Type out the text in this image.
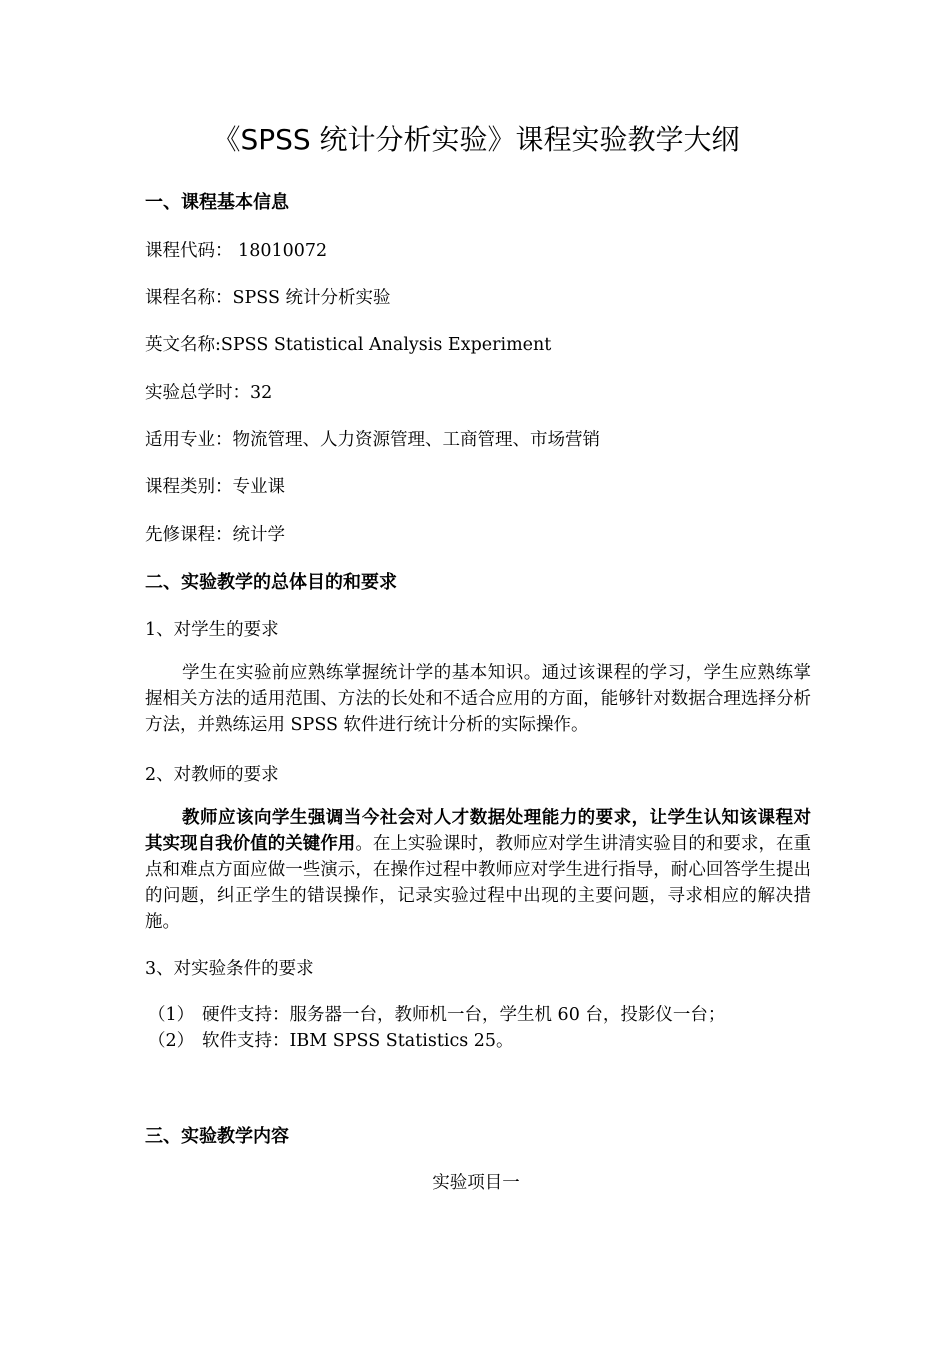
《SPSS 统计分析实验》课程实验教学大纲
一、课程基本信息
课程代码： 18010072
课程名称：SPSS 统计分析实验
英文名称:SPSS Statistical Analysis Experiment
实验总学时：32
适用专业：物流管理、人力资源管理、工商管理、市场营销
课程类别：专业课
先修课程：统计学
二、实验教学的总体目的和要求
1、对学生的要求
学生在实验前应熟练掌握统计学的基本知识。通过该课程的学习，学生应熟练掌握相关方法的适用范围、方法的长处和不适合应用的方面，能够针对数据合理选择分析方法，并熟练运用 SPSS 软件进行统计分析的实际操作。
2、对教师的要求
教师应该向学生强调当今社会对人才数据处理能力的要求，让学生认知该课程对其实现自我价值的关键作用。在上实验课时，教师应对学生讲清实验目的和要求，在重点和难点方面应做一些演示，在操作过程中教师应对学生进行指导，耐心回答学生提出的问题，纠正学生的错误操作，记录实验过程中出现的主要问题，寻求相应的解决措施。
3、对实验条件的要求
（1） 硬件支持：服务器一台，教师机一台，学生机 60 台，投影仪一台；
（2） 软件支持：IBM SPSS Statistics 25。
三、实验教学内容
实验项目一
